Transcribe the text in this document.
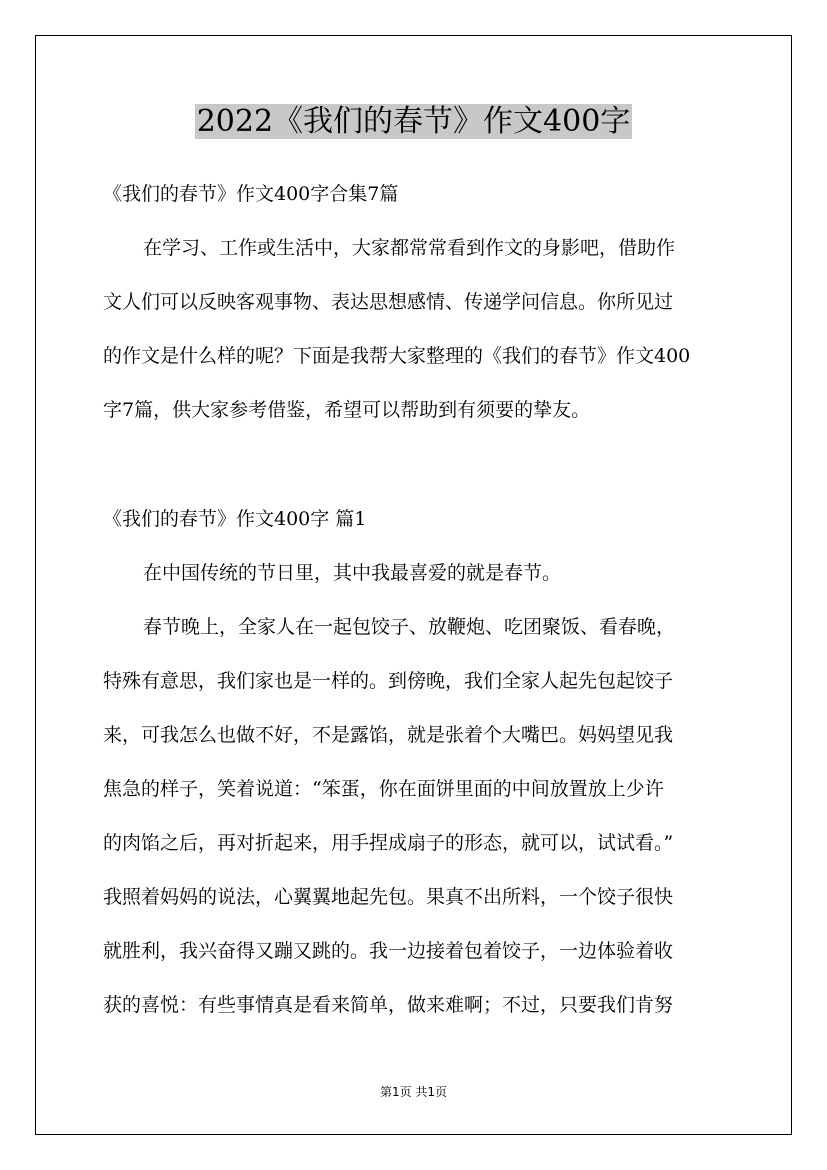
2022《我们的春节》作文400字
《我们的春节》作文400字合集7篇
在学习、工作或生活中，大家都常常看到作文的身影吧，借助作
文人们可以反映客观事物、表达思想感情、传递学问信息。你所见过
的作文是什么样的呢？下面是我帮大家整理的《我们的春节》作文400
字7篇，供大家参考借鉴，希望可以帮助到有须要的挚友。
《我们的春节》作文400字 篇1
在中国传统的节日里，其中我最喜爱的就是春节。
春节晚上，全家人在一起包饺子、放鞭炮、吃团聚饭、看春晚，
特殊有意思，我们家也是一样的。到傍晚，我们全家人起先包起饺子
来，可我怎么也做不好，不是露馅，就是张着个大嘴巴。妈妈望见我
焦急的样子，笑着说道：“笨蛋，你在面饼里面的中间放置放上少许
的肉馅之后，再对折起来，用手捏成扇子的形态，就可以，试试看。”
我照着妈妈的说法，心翼翼地起先包。果真不出所料，一个饺子很快
就胜利，我兴奋得又蹦又跳的。我一边接着包着饺子，一边体验着收
获的喜悦：有些事情真是看来简单，做来难啊；不过，只要我们肯努
第1页 共1页
